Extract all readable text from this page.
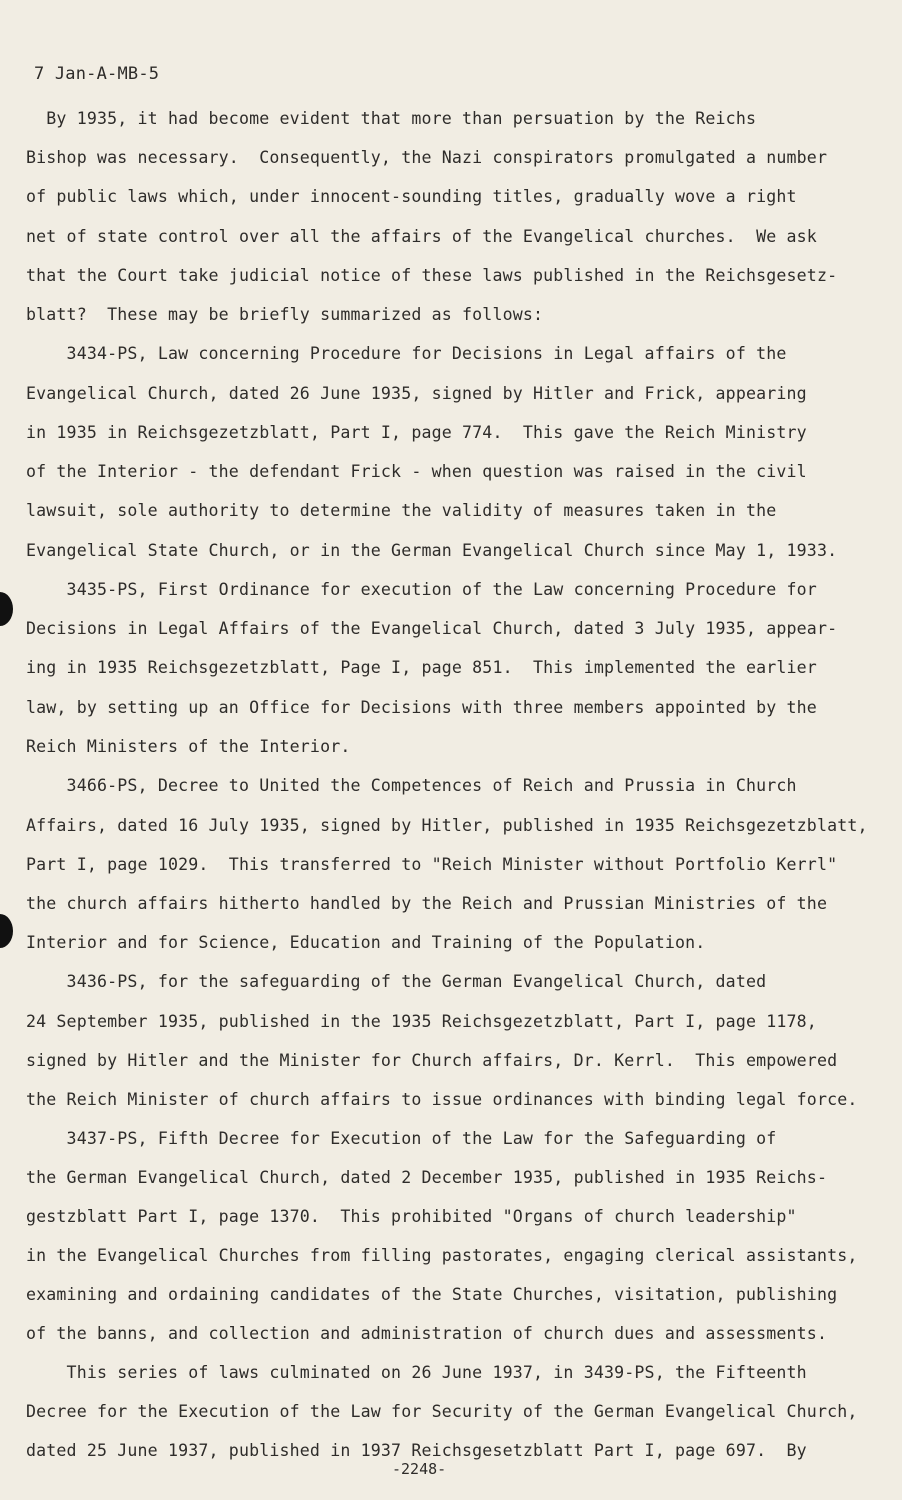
7 Jan-A-MB-5
By 1935, it had become evident that more than persuation by the Reichs
Bishop was necessary.  Consequently, the Nazi conspirators promulgated a number
of public laws which, under innocent-sounding titles, gradually wove a right
net of state control over all the affairs of the Evangelical churches.  We ask
that the Court take judicial notice of these laws published in the Reichsgesetz-
blatt?  These may be briefly summarized as follows:
3434-PS, Law concerning Procedure for Decisions in Legal affairs of the
Evangelical Church, dated 26 June 1935, signed by Hitler and Frick, appearing
in 1935 in Reichsgezetzblatt, Part I, page 774.  This gave the Reich Ministry
of the Interior - the defendant Frick - when question was raised in the civil
lawsuit, sole authority to determine the validity of measures taken in the
Evangelical State Church, or in the German Evangelical Church since May 1, 1933.
3435-PS, First Ordinance for execution of the Law concerning Procedure for
Decisions in Legal Affairs of the Evangelical Church, dated 3 July 1935, appear-
ing in 1935 Reichsgezetzblatt, Page I, page 851.  This implemented the earlier
law, by setting up an Office for Decisions with three members appointed by the
Reich Ministers of the Interior.
3466-PS, Decree to United the Competences of Reich and Prussia in Church
Affairs, dated 16 July 1935, signed by Hitler, published in 1935 Reichsgezetzblatt,
Part I, page 1029.  This transferred to "Reich Minister without Portfolio Kerrl"
the church affairs hitherto handled by the Reich and Prussian Ministries of the
Interior and for Science, Education and Training of the Population.
3436-PS, for the safeguarding of the German Evangelical Church, dated
24 September 1935, published in the 1935 Reichsgezetzblatt, Part I, page 1178,
signed by Hitler and the Minister for Church affairs, Dr. Kerrl.  This empowered
the Reich Minister of church affairs to issue ordinances with binding legal force.
3437-PS, Fifth Decree for Execution of the Law for the Safeguarding of
the German Evangelical Church, dated 2 December 1935, published in 1935 Reichs-
gestzblatt Part I, page 1370.  This prohibited "Organs of church leadership"
in the Evangelical Churches from filling pastorates, engaging clerical assistants,
examining and ordaining candidates of the State Churches, visitation, publishing
of the banns, and collection and administration of church dues and assessments.
This series of laws culminated on 26 June 1937, in 3439-PS, the Fifteenth
Decree for the Execution of the Law for Security of the German Evangelical Church,
dated 25 June 1937, published in 1937 Reichsgesetzblatt Part I, page 697.  By
-2248-
